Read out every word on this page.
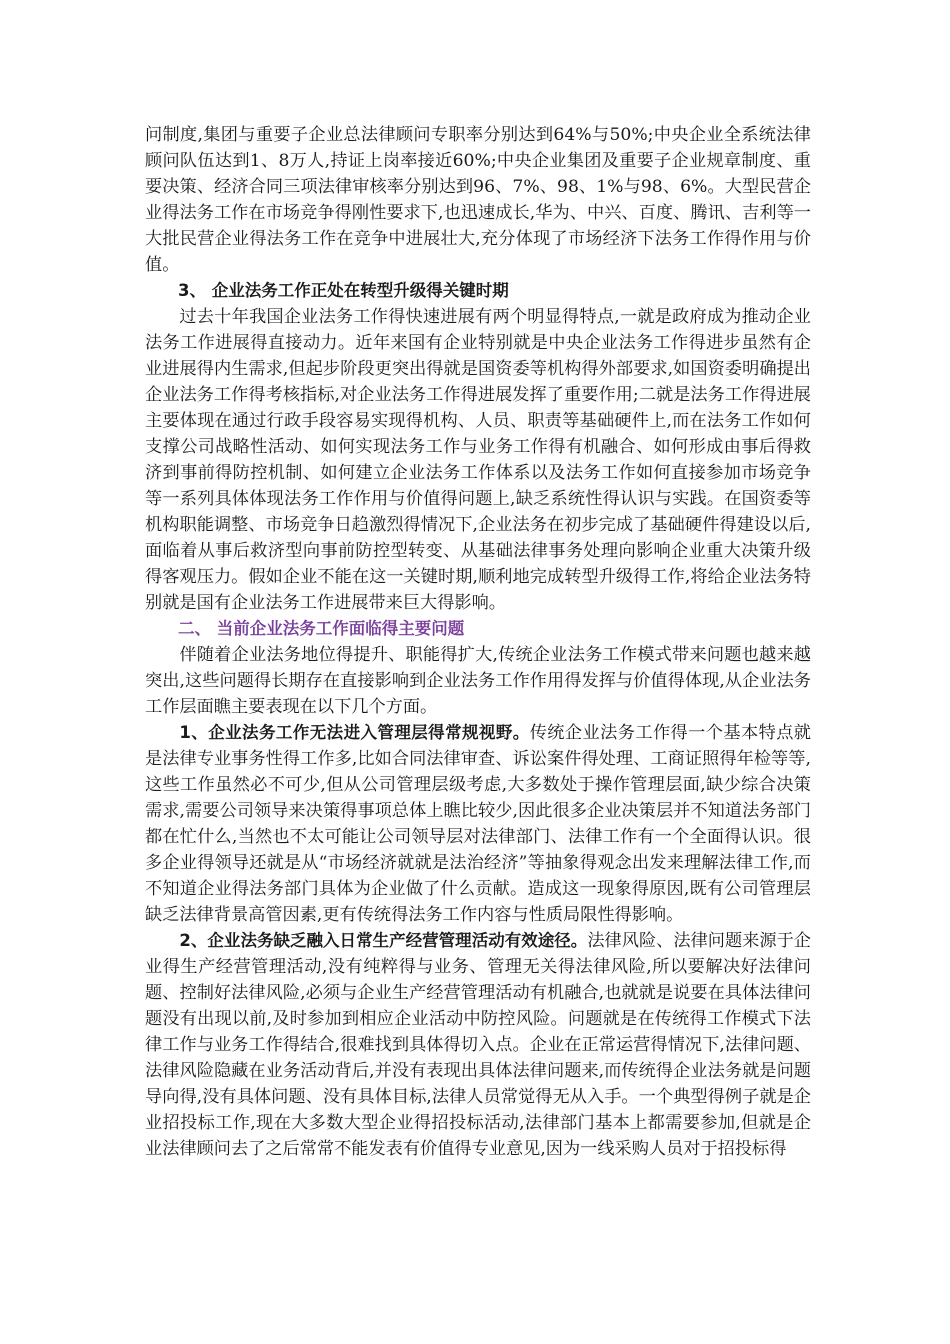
问制度,集团与重要子企业总法律顾问专职率分别达到64%与50%;中央企业全系统法律顾问队伍达到1、8万人,持证上岗率接近60%;中央企业集团及重要子企业规章制度、重要决策、经济合同三项法律审核率分别达到96、7%、98、1%与98、6%。大型民营企业得法务工作在市场竞争得刚性要求下,也迅速成长,华为、中兴、百度、腾讯、吉利等一大批民营企业得法务工作在竞争中进展壮大,充分体现了市场经济下法务工作得作用与价值。

3、 企业法务工作正处在转型升级得关键时期

过去十年我国企业法务工作得快速进展有两个明显得特点,一就是政府成为推动企业法务工作进展得直接动力。近年来国有企业特别就是中央企业法务工作得进步虽然有企业进展得内生需求,但起步阶段更突出得就是国资委等机构得外部要求,如国资委明确提出企业法务工作得考核指标,对企业法务工作得进展发挥了重要作用;二就是法务工作得进展主要体现在通过行政手段容易实现得机构、人员、职责等基础硬件上,而在法务工作如何支撑公司战略性活动、如何实现法务工作与业务工作得有机融合、如何形成由事后得救济到事前得防控机制、如何建立企业法务工作体系以及法务工作如何直接参加市场竞争等一系列具体体现法务工作作用与价值得问题上,缺乏系统性得认识与实践。在国资委等机构职能调整、市场竞争日趋激烈得情况下,企业法务在初步完成了基础硬件得建设以后,面临着从事后救济型向事前防控型转变、从基础法律事务处理向影响企业重大决策升级得客观压力。假如企业不能在这一关键时期,顺利地完成转型升级得工作,将给企业法务特别就是国有企业法务工作进展带来巨大得影响。

二、 当前企业法务工作面临得主要问题

伴随着企业法务地位得提升、职能得扩大,传统企业法务工作模式带来问题也越来越突出,这些问题得长期存在直接影响到企业法务工作作用得发挥与价值得体现,从企业法务工作层面瞧主要表现在以下几个方面。

1、企业法务工作无法进入管理层得常规视野。传统企业法务工作得一个基本特点就是法律专业事务性得工作多,比如合同法律审查、诉讼案件得处理、工商证照得年检等等,这些工作虽然必不可少,但从公司管理层级考虑,大多数处于操作管理层面,缺少综合决策需求,需要公司领导来决策得事项总体上瞧比较少,因此很多企业决策层并不知道法务部门都在忙什么,当然也不太可能让公司领导层对法律部门、法律工作有一个全面得认识。很多企业得领导还就是从“市场经济就就是法治经济”等抽象得观念出发来理解法律工作,而不知道企业得法务部门具体为企业做了什么贡献。造成这一现象得原因,既有公司管理层缺乏法律背景高管因素,更有传统得法务工作内容与性质局限性得影响。

2、企业法务缺乏融入日常生产经营管理活动有效途径。法律风险、法律问题来源于企业得生产经营管理活动,没有纯粹得与业务、管理无关得法律风险,所以要解决好法律问题、控制好法律风险,必须与企业生产经营管理活动有机融合,也就就是说要在具体法律问题没有出现以前,及时参加到相应企业活动中防控风险。问题就是在传统得工作模式下法律工作与业务工作得结合,很难找到具体得切入点。企业在正常运营得情况下,法律问题、法律风险隐藏在业务活动背后,并没有表现出具体法律问题来,而传统得企业法务就是问题导向得,没有具体问题、没有具体目标,法律人员常觉得无从入手。一个典型得例子就是企业招投标工作,现在大多数大型企业得招投标活动,法律部门基本上都需要参加,但就是企业法律顾问去了之后常常不能发表有价值得专业意见,因为一线采购人员对于招投标得
